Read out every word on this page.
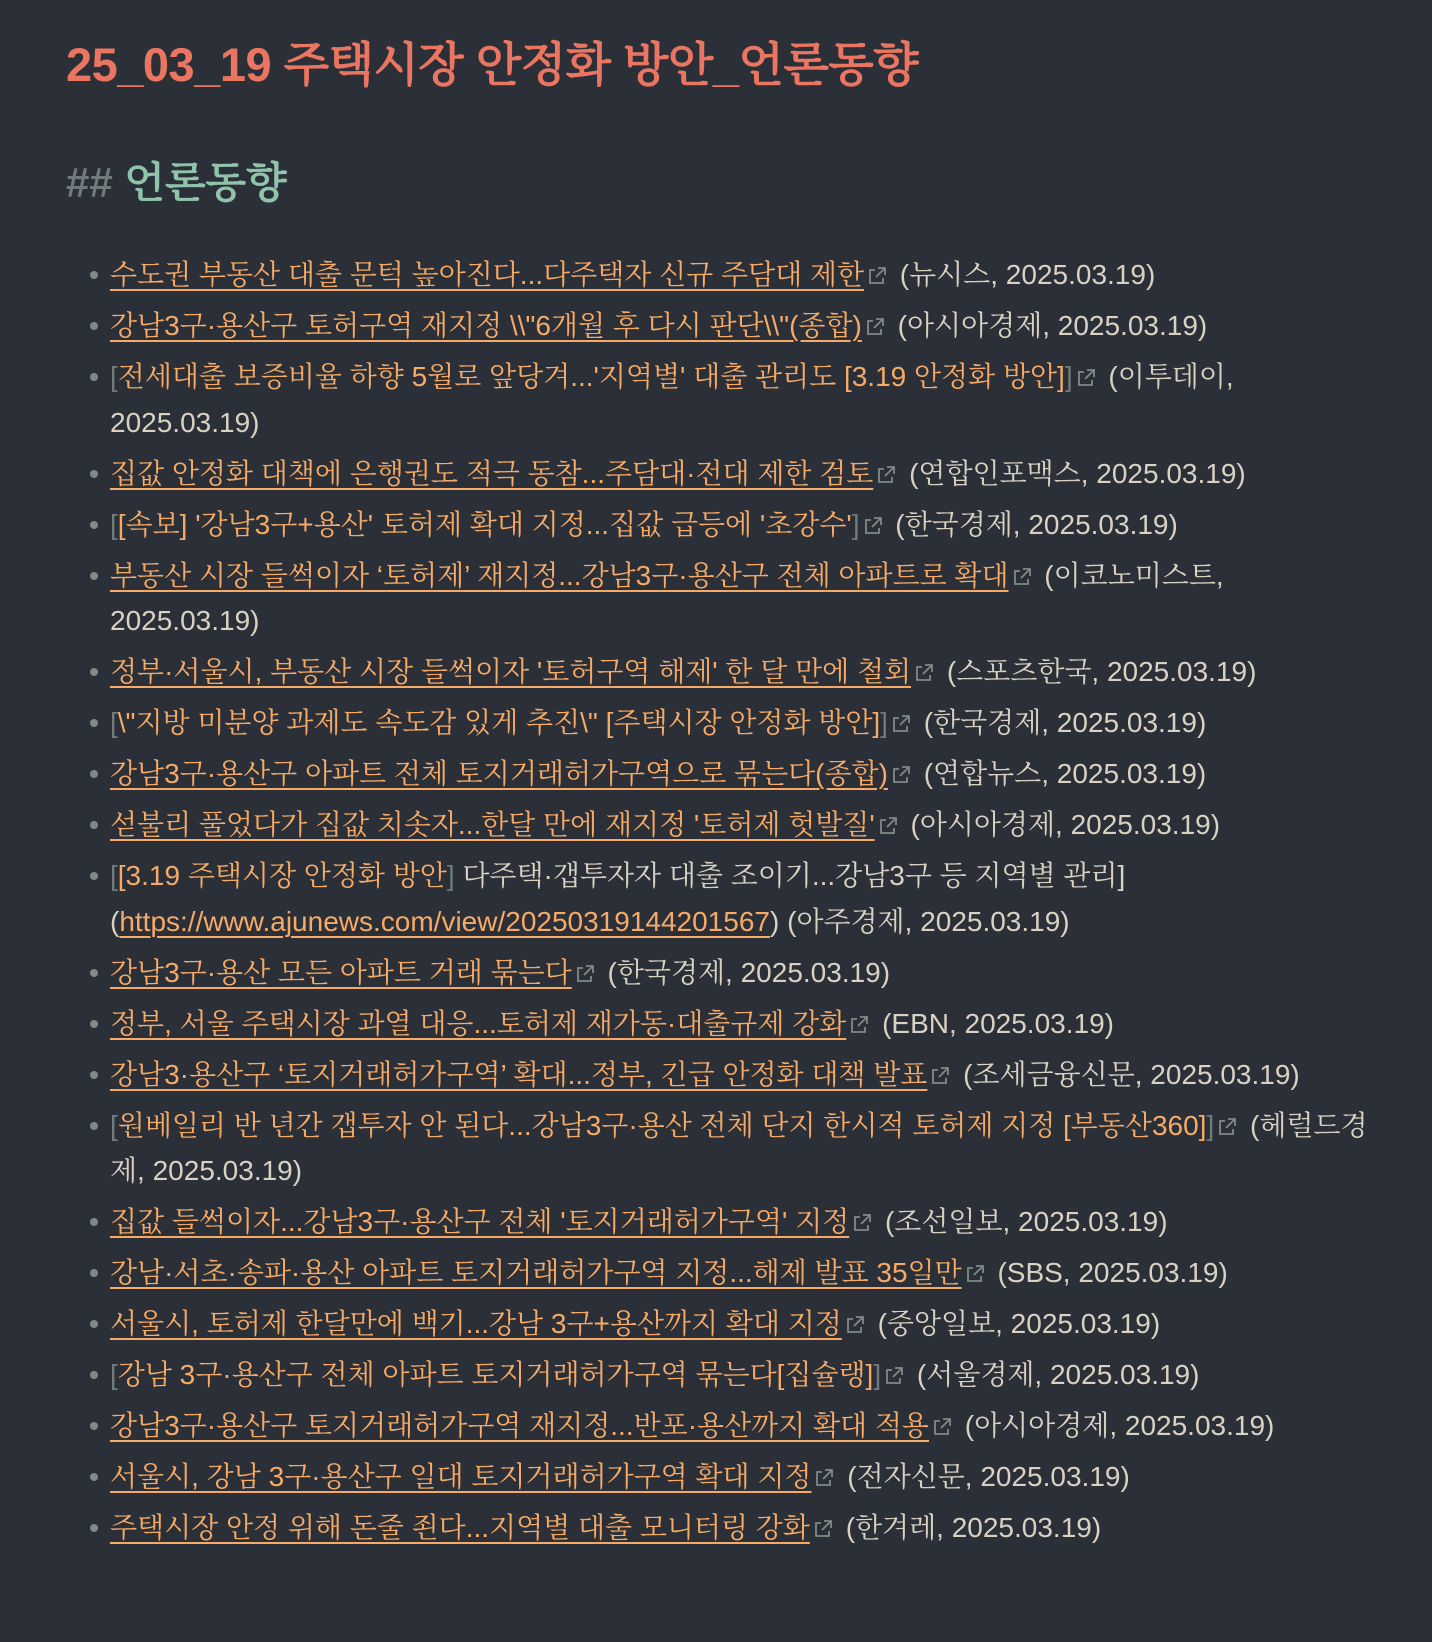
25_03_19 주택시장 안정화 방안_언론동향
## 언론동향
수도권 부동산 대출 문턱 높아진다...다주택자 신규 주담대 제한 (뉴시스, 2025.03.19)
강남3구·용산구 토허구역 재지정 \\"6개월 후 다시 판단\\"(종합) (아시아경제, 2025.03.19)
[전세대출 보증비율 하향 5월로 앞당겨...'지역별' 대출 관리도 [3.19 안정화 방안]] (이투데이, 2025.03.19)
집값 안정화 대책에 은행권도 적극 동참...주담대·전대 제한 검토 (연합인포맥스, 2025.03.19)
[[속보] '강남3구+용산' 토허제 확대 지정...집값 급등에 '초강수'] (한국경제, 2025.03.19)
부동산 시장 들썩이자 ‘토허제’ 재지정...강남3구·용산구 전체 아파트로 확대 (이코노미스트, 2025.03.19)
정부·서울시, 부동산 시장 들썩이자 '토허구역 해제' 한 달 만에 철회 (스포츠한국, 2025.03.19)
[\"지방 미분양 과제도 속도감 있게 추진\" [주택시장 안정화 방안]] (한국경제, 2025.03.19)
강남3구·용산구 아파트 전체 토지거래허가구역으로 묶는다(종합) (연합뉴스, 2025.03.19)
섣불리 풀었다가 집값 치솟자...한달 만에 재지정 '토허제 헛발질' (아시아경제, 2025.03.19)
[[3.19 주택시장 안정화 방안] 다주택·갭투자자 대출 조이기...강남3구 등 지역별 관리](https://www.ajunews.com/view/20250319144201567) (아주경제, 2025.03.19)
강남3구·용산 모든 아파트 거래 묶는다 (한국경제, 2025.03.19)
정부, 서울 주택시장 과열 대응...토허제 재가동·대출규제 강화 (EBN, 2025.03.19)
강남3·용산구 ‘토지거래허가구역’ 확대...정부, 긴급 안정화 대책 발표 (조세금융신문, 2025.03.19)
[원베일리 반 년간 갭투자 안 된다...강남3구·용산 전체 단지 한시적 토허제 지정 [부동산360]] (헤럴드경제, 2025.03.19)
집값 들썩이자...강남3구·용산구 전체 '토지거래허가구역' 지정 (조선일보, 2025.03.19)
강남·서초·송파·용산 아파트 토지거래허가구역 지정...해제 발표 35일만 (SBS, 2025.03.19)
서울시, 토허제 한달만에 백기...강남 3구+용산까지 확대 지정 (중앙일보, 2025.03.19)
[강남 3구·용산구 전체 아파트 토지거래허가구역 묶는다[집슐랭]] (서울경제, 2025.03.19)
강남3구·용산구 토지거래허가구역 재지정...반포·용산까지 확대 적용 (아시아경제, 2025.03.19)
서울시, 강남 3구·용산구 일대 토지거래허가구역 확대 지정 (전자신문, 2025.03.19)
주택시장 안정 위해 돈줄 죈다...지역별 대출 모니터링 강화 (한겨레, 2025.03.19)
